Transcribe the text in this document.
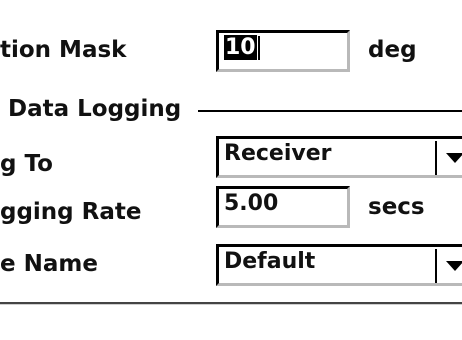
tion Mask	10	deg
Data Logging
g To	Receiver
gging Rate	5.00	secs
e Name	Default
